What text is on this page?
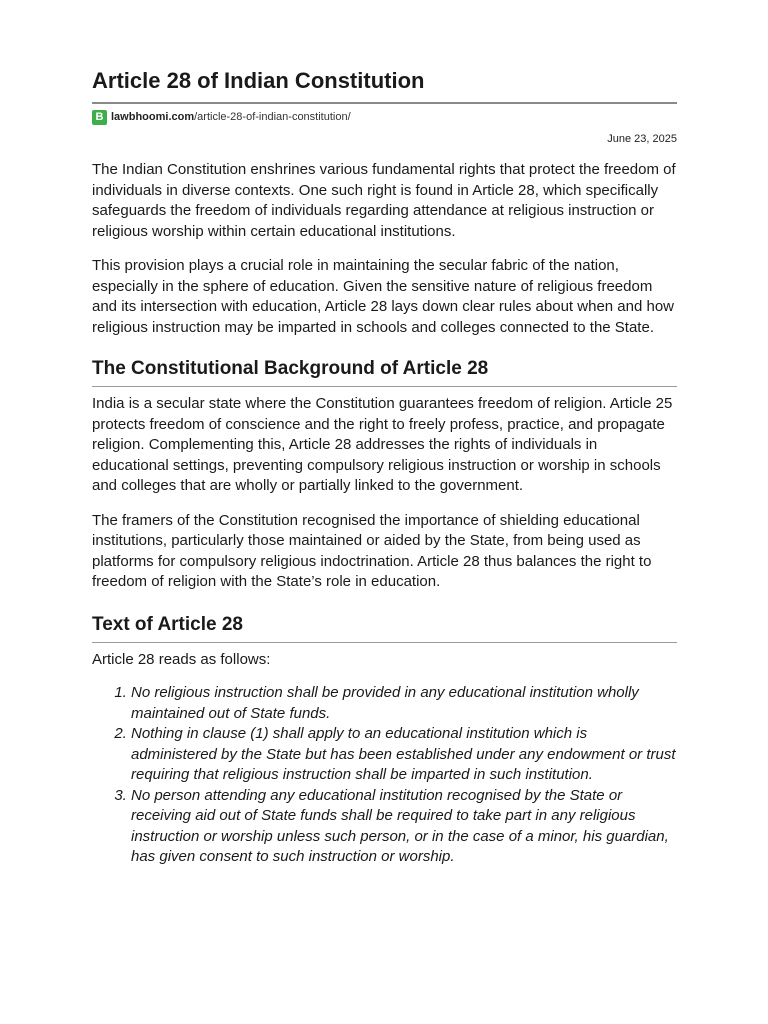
Article 28 of Indian Constitution
B lawbhoomi.com /article-28-of-indian-constitution/
June 23, 2025

The Indian Constitution enshrines various fundamental rights that protect the freedom of individuals in diverse contexts. One such right is found in Article 28, which specifically safeguards the freedom of individuals regarding attendance at religious instruction or religious worship within certain educational institutions.

This provision plays a crucial role in maintaining the secular fabric of the nation, especially in the sphere of education. Given the sensitive nature of religious freedom and its intersection with education, Article 28 lays down clear rules about when and how religious instruction may be imparted in schools and colleges connected to the State.

The Constitutional Background of Article 28

India is a secular state where the Constitution guarantees freedom of religion. Article 25 protects freedom of conscience and the right to freely profess, practice, and propagate religion. Complementing this, Article 28 addresses the rights of individuals in educational settings, preventing compulsory religious instruction or worship in schools and colleges that are wholly or partially linked to the government.

The framers of the Constitution recognised the importance of shielding educational institutions, particularly those maintained or aided by the State, from being used as platforms for compulsory religious indoctrination. Article 28 thus balances the right to freedom of religion with the State’s role in education.

Text of Article 28

Article 28 reads as follows:

1. No religious instruction shall be provided in any educational institution wholly maintained out of State funds.
2. Nothing in clause (1) shall apply to an educational institution which is administered by the State but has been established under any endowment or trust requiring that religious instruction shall be imparted in such institution.
3. No person attending any educational institution recognised by the State or receiving aid out of State funds shall be required to take part in any religious instruction or worship unless such person, or in the case of a minor, his guardian, has given consent to such instruction or worship.
